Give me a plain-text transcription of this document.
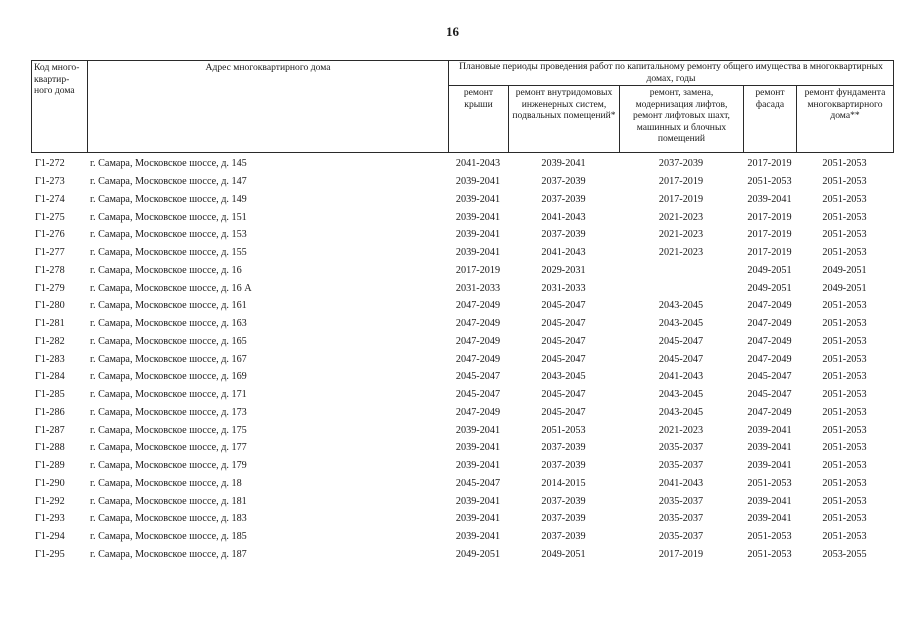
16
Код много-квартир-ного дома	Адрес многоквартирного дома	Плановые периоды проведения работ по капитальному ремонту общего имущества в многоквартирных домах, годы				
		ремонт крыши	ремонт внутридомовых инженерных систем, подвальных помещений*	ремонт, замена, модернизация лифтов, ремонт лифтовых шахт, машинных и блочных помещений	ремонт фасада	ремонт фундамента многоквартирного дома**
Г1-272	г. Самара, Московское шоссе, д. 145	2041-2043	2039-2041	2037-2039	2017-2019	2051-2053
Г1-273	г. Самара, Московское шоссе, д. 147	2039-2041	2037-2039	2017-2019	2051-2053	2051-2053
Г1-274	г. Самара, Московское шоссе, д. 149	2039-2041	2037-2039	2017-2019	2039-2041	2051-2053
Г1-275	г. Самара, Московское шоссе, д. 151	2039-2041	2041-2043	2021-2023	2017-2019	2051-2053
Г1-276	г. Самара, Московское шоссе, д. 153	2039-2041	2037-2039	2021-2023	2017-2019	2051-2053
Г1-277	г. Самара, Московское шоссе, д. 155	2039-2041	2041-2043	2021-2023	2017-2019	2051-2053
Г1-278	г. Самара, Московское шоссе, д. 16	2017-2019	2029-2031		2049-2051	2049-2051
Г1-279	г. Самара, Московское шоссе, д. 16 А	2031-2033	2031-2033		2049-2051	2049-2051
Г1-280	г. Самара, Московское шоссе, д. 161	2047-2049	2045-2047	2043-2045	2047-2049	2051-2053
Г1-281	г. Самара, Московское шоссе, д. 163	2047-2049	2045-2047	2043-2045	2047-2049	2051-2053
Г1-282	г. Самара, Московское шоссе, д. 165	2047-2049	2045-2047	2045-2047	2047-2049	2051-2053
Г1-283	г. Самара, Московское шоссе, д. 167	2047-2049	2045-2047	2045-2047	2047-2049	2051-2053
Г1-284	г. Самара, Московское шоссе, д. 169	2045-2047	2043-2045	2041-2043	2045-2047	2051-2053
Г1-285	г. Самара, Московское шоссе, д. 171	2045-2047	2045-2047	2043-2045	2045-2047	2051-2053
Г1-286	г. Самара, Московское шоссе, д. 173	2047-2049	2045-2047	2043-2045	2047-2049	2051-2053
Г1-287	г. Самара, Московское шоссе, д. 175	2039-2041	2051-2053	2021-2023	2039-2041	2051-2053
Г1-288	г. Самара, Московское шоссе, д. 177	2039-2041	2037-2039	2035-2037	2039-2041	2051-2053
Г1-289	г. Самара, Московское шоссе, д. 179	2039-2041	2037-2039	2035-2037	2039-2041	2051-2053
Г1-290	г. Самара, Московское шоссе, д. 18	2045-2047	2014-2015	2041-2043	2051-2053	2051-2053
Г1-292	г. Самара, Московское шоссе, д. 181	2039-2041	2037-2039	2035-2037	2039-2041	2051-2053
Г1-293	г. Самара, Московское шоссе, д. 183	2039-2041	2037-2039	2035-2037	2039-2041	2051-2053
Г1-294	г. Самара, Московское шоссе, д. 185	2039-2041	2037-2039	2035-2037	2051-2053	2051-2053
Г1-295	г. Самара, Московское шоссе, д. 187	2049-2051	2049-2051	2017-2019	2051-2053	2053-2055
